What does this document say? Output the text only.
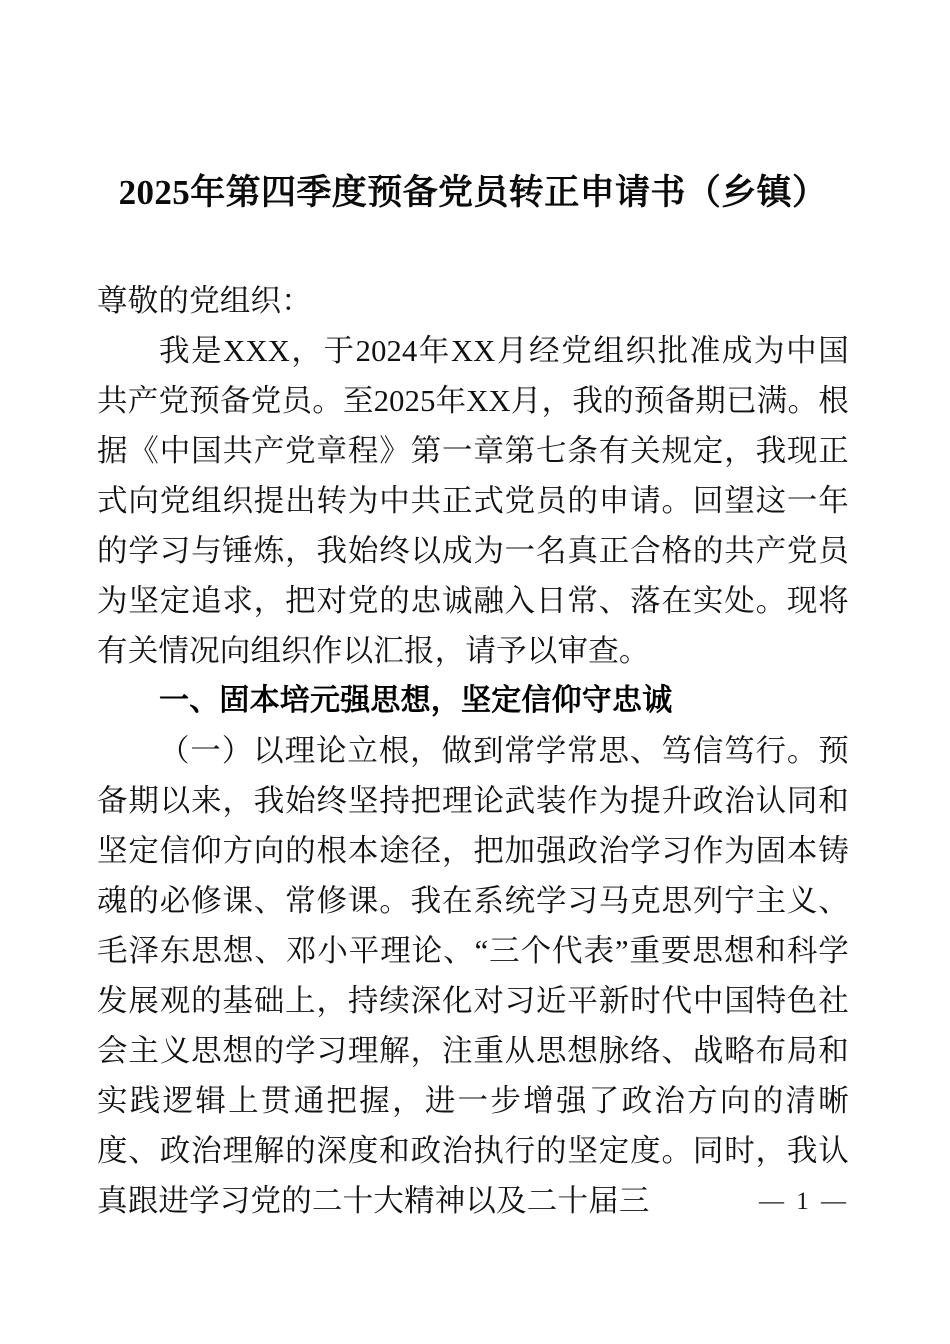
2025年第四季度预备党员转正申请书（乡镇）

尊敬的党组织：

我是XXX，于2024年XX月经党组织批准成为中国共产党预备党员。至2025年XX月，我的预备期已满。根据《中国共产党章程》第一章第七条有关规定，我现正式向党组织提出转为中共正式党员的申请。回望这一年的学习与锤炼，我始终以成为一名真正合格的共产党员为坚定追求，把对党的忠诚融入日常、落在实处。现将有关情况向组织作以汇报，请予以审查。

一、固本培元强思想，坚定信仰守忠诚

（一）以理论立根，做到常学常思、笃信笃行。预备期以来，我始终坚持把理论武装作为提升政治认同和坚定信仰方向的根本途径，把加强政治学习作为固本铸魂的必修课、常修课。我在系统学习马克思列宁主义、毛泽东思想、邓小平理论、“三个代表”重要思想和科学发展观的基础上，持续深化对习近平新时代中国特色社会主义思想的学习理解，注重从思想脉络、战略布局和实践逻辑上贯通把握，进一步增强了政治方向的清晰度、政治理解的深度和政治执行的坚定度。同时，我认真跟进学习党的二十大精神以及二十届三	— 1 —
